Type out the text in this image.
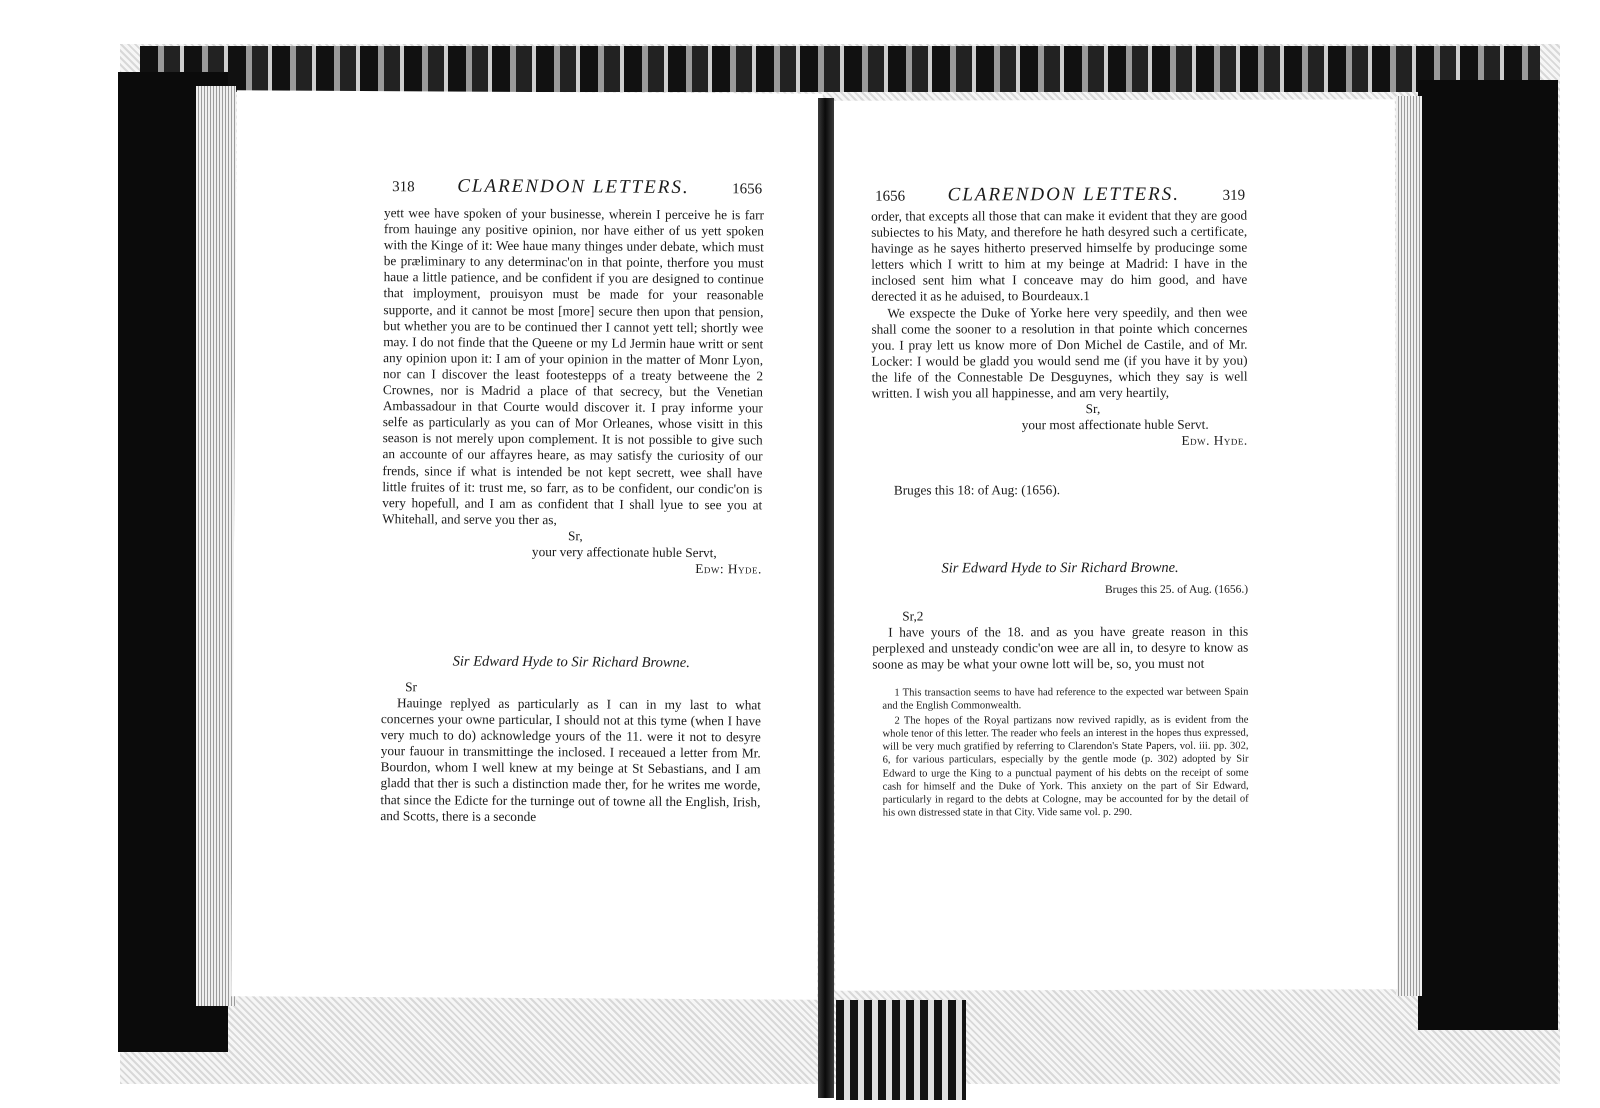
318	CLARENDON LETTERS.	1656

yett wee have spoken of your businesse, wherein I perceive he is farr from hauinge any positive opinion, nor have either of us yett spoken with the Kinge of it: Wee haue many thinges under debate, which must be præliminary to any determinac'on in that pointe, therfore you must haue a little patience, and be confident if you are designed to continue that imployment, prouisyon must be made for your reasonable supporte, and it cannot be most [more] secure then upon that pension, but whether you are to be continued ther I cannot yett tell; shortly wee may. I do not finde that the Queene or my Ld Jermin haue writt or sent any opinion upon it: I am of your opinion in the matter of Monr Lyon, nor can I discover the least footestepps of a treaty betweene the 2 Crownes, nor is Madrid a place of that secrecy, but the Venetian Ambassadour in that Courte would discover it. I pray informe your selfe as particularly as you can of Mor Orleanes, whose visitt in this season is not merely upon complement. It is not possible to give such an accounte of our affayres heare, as may satisfy the curiosity of our frends, since if what is intended be not kept secrett, wee shall have little fruites of it: trust me, so farr, as to be confident, our condic'on is very hopefull, and I am as confident that I shall lyue to see you at Whitehall, and serve you ther as,

Sr,
your very affectionate huble Servt,
Edw: Hyde.
Sir Edward Hyde to Sir Richard Browne.
Sr

Hauinge replyed as particularly as I can in my last to what concernes your owne particular, I should not at this tyme (when I have very much to do) acknowledge yours of the 11. were it not to desyre your fauour in transmittinge the inclosed. I receaued a letter from Mr. Bourdon, whom I well knew at my beinge at St Sebastians, and I am gladd that ther is such a distinction made ther, for he writes me worde, that since the Edicte for the turninge out of towne all the English, Irish, and Scotts, there is a seconde

1656	CLARENDON LETTERS.	319

order, that excepts all those that can make it evident that they are good subiectes to his Maty, and therefore he hath desyred such a certificate, havinge as he sayes hitherto preserved himselfe by producinge some letters which I writt to him at my beinge at Madrid: I have in the inclosed sent him what I conceave may do him good, and have derected it as he aduised, to Bourdeaux.1

We exspecte the Duke of Yorke here very speedily, and then wee shall come the sooner to a resolution in that pointe which concernes you. I pray lett us know more of Don Michel de Castile, and of Mr. Locker: I would be gladd you would send me (if you have it by you) the life of the Connestable De Desguynes, which they say is well written. I wish you all happinesse, and am very heartily,

Sr,
your most affectionate huble Servt.
Edw. Hyde.
Bruges this 18: of Aug: (1656).
Sir Edward Hyde to Sir Richard Browne.
Bruges this 25. of Aug. (1656.)
Sr,2

I have yours of the 18. and as you have greate reason in this perplexed and unsteady condic'on wee are all in, to desyre to know as soone as may be what your owne lott will be, so, you must not

1 This transaction seems to have had reference to the expected war between Spain and the English Commonwealth.

2 The hopes of the Royal partizans now revived rapidly, as is evident from the whole tenor of this letter. The reader who feels an interest in the hopes thus expressed, will be very much gratified by referring to Clarendon's State Papers, vol. iii. pp. 302, 6, for various particulars, especially by the gentle mode (p. 302) adopted by Sir Edward to urge the King to a punctual payment of his debts on the receipt of some cash for himself and the Duke of York. This anxiety on the part of Sir Edward, particularly in regard to the debts at Cologne, may be accounted for by the detail of his own distressed state in that City. Vide same vol. p. 290.
